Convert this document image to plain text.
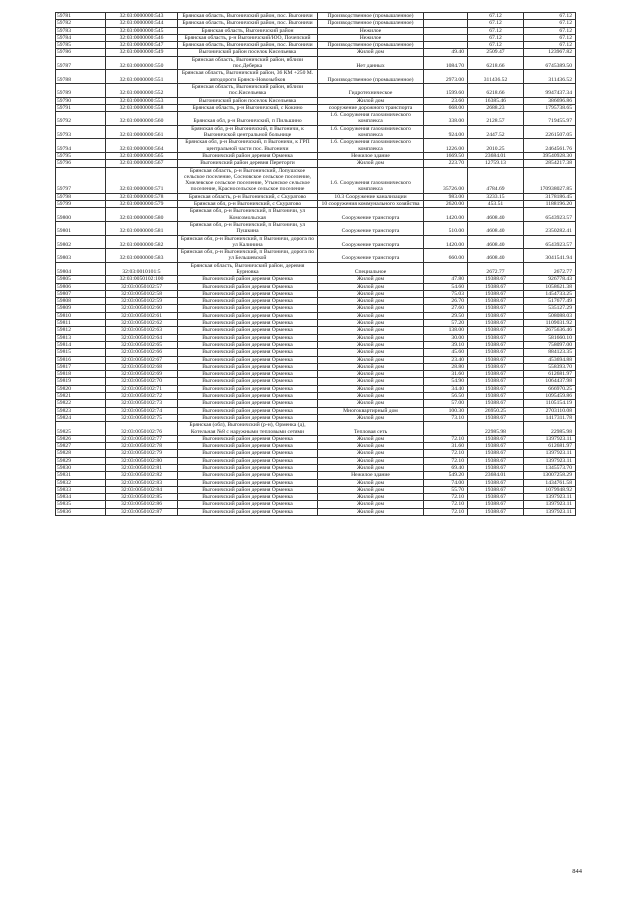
59781	32:03:0000000:543	Брянская область, Выгоничский район, пос. Выгоничи	Производственное (промышленное)		67.12	67.12
59782	32:03:0000000:544	Брянская область, Выгоничский район, пос. Выгоничи	Производственное (промышленное)		67.12	67.12
59783	32:03:0000000:545	Брянская область, Выгоничский район	Нежилое		67.12	67.12
59784	32:03:0000000:546	Брянская область, р-н Выгоничский/ЮО, Почепский	Нежилое		67.12	67.12
59785	32:03:0000000:547	Брянская область, Выгоничский район, пос. Выгоничи	Производственное (промышленное)		67.12	67.12
59786	32:03:0000000:549	Выгоничский район поселок Кисельевка	Жилой дом	49.40	2509.47	123967.82
59787	32:03:0000000:550	Брянская область, Выгоничский район, вблизи пос.Деберка	Нет данных	1084.70	6218.66	6745389.50
59788	32:03:0000000:551	Брянская область, Выгоничский район, 36 КМ +250 М. автодороги Брянск-Новозыбков	Производственное (промышленное)	2973.00	311436.52	311436.52
59789	32:03:0000000:552	Брянская область, Выгоничский район, вблизи пос.Кисельевка	Гидротехническое	1599.60	6218.66	9947437.34
59790	32:03:0000000:553	Выгоничский район поселок Кисельевка	Жилой дом	23.60	16385.46	386696.86
59791	32:03:0000000:558	Брянская область, р-н Выгоничский, с Кокино	сооружение дорожного транспорта	668.00	2688.23	1795738.65
59792	32:03:0000000:560	Брянская обл, р-н Выгоничский, п Пильшино	1.6. Сооружения газохимического комплекса	338.00	2128.57	719455.97
59793	32:03:0000000:561	Брянская обл, р-н Выгоничский, п Выгоничи, к Выгоничской центральной больнице	1.6. Сооружения газохимического комплекса	924.00	2447.52	2261507.05
59794	32:03:0000000:564	Брянская обл, р-н Выгоничский, п Выгоничи, к ГРП центральной части пос. Выгоничи	1.6. Сооружения газохимического комплекса	1226.00	2010.25	2464561.76
59795	32:03:0000000:565	Выгоничский район деревня Орменка	Нежилое здание	1669.50	23684.01	39540928.30
59796	32:03:0000000:567	Выгоничский район деревня Переторги	Жилой дом	223.70	12759.13	2854217.38
59797	32:03:0000000:571	Брянская область, р-н Выгоничский, Лопушское сельское поселение, Сосновское сельское поселение, Хмелевское сельское поселение, Утынское сельское поселение, Красносельское сельское поселение	1.6. Сооружения газохимического комплекса	35726.00	4784.69	170938027.85
59798	32:03:0000000:578	Брянская область, р-н Выгоничский, с Скуратово	10.3 Сооружение канализации	983.00	3233.15	3178186.45
59799	32:03:0000000:579	Брянская обл, р-н Выгоничский, с Скуратово	10 сооружения коммунального хозяйства	2620.00	453.51	1188196.20
59800	32:03:0000000:580	Брянская обл, р-н Выгоничский, п Выгоничи, ул Комсомольская	Сооружение транспорта	1420.00	4608.40	6543923.57
59801	32:03:0000000:581	Брянская обл, р-н Выгоничский, п Выгоничи, ул Пушкина	Сооружение транспорта	510.00	4608.40	2350282.41
59802	32:03:0000000:582	Брянская обл, р-н Выгоничский, п Выгоничи, дорога по ул Калинина	Сооружение транспорта	1420.00	4608.40	6543923.57
59803	32:03:0000000:583	Брянская обл, р-н Выгоничский, п Выгоничи, дорога по ул Бельшевской	Сооружение транспорта	660.00	4608.40	3041541.94
59804	32:03:0010101:5	Брянская область, Выгоничский район, деревня Бурновка	Специальное		2672.77	2672.77
59805	32:03:0050102:100	Выгоничский район деревня Орменка	Жилой дом	47.80	19388.67	926778.43
59806	32:03:0050102:57	Выгоничский район деревня Орменка	Жилой дом	54.60	19388.67	1058621.38
59807	32:03:0050102:58	Выгоничский район деревня Орменка	Жилой дом	75.03	19388.67	1454733.25
59808	32:03:0050102:59	Выгоничский район деревня Орменка	Жилой дом	26.70	19388.67	517677.49
59809	32:03:0050102:60	Выгоничский район деревня Орменка	Жилой дом	27.60	19388.67	535127.29
59810	32:03:0050102:61	Выгоничский район деревня Орменка	Жилой дом	29.50	19388.67	508088.03
59811	32:03:0050102:62	Выгоничский район деревня Орменка	Жилой дом	57.20	19388.67	1109031.92
59812	32:03:0050102:63	Выгоничский район деревня Орменка	Жилой дом	138.00	19388.67	2675636.46
59813	32:03:0050102:64	Выгоничский район деревня Орменка	Жилой дом	30.00	19388.67	581660.10
59814	32:03:0050102:65	Выгоничский район деревня Орменка	Жилой дом	39.10	19388.67	758097.00
59815	32:03:0050102:66	Выгоничский район деревня Орменка	Жилой дом	45.60	19388.67	884123.35
59816	32:03:0050102:67	Выгоничский район деревня Орменка	Жилой дом	23.40	19388.67	453694.88
59817	32:03:0050102:68	Выгоничский район деревня Орменка	Жилой дом	28.80	19388.67	558393.70
59818	32:03:0050102:69	Выгоничский район деревня Орменка	Жилой дом	31.60	19388.67	612681.97
59819	32:03:0050102:70	Выгоничский район деревня Орменка	Жилой дом	54.90	19388.67	1064437.98
59820	32:03:0050102:71	Выгоничский район деревня Орменка	Жилой дом	34.40	19388.67	666970.25
59821	32:03:0050102:72	Выгоничский район деревня Орменка	Жилой дом	56.50	19388.67	1095459.86
59822	32:03:0050102:73	Выгоничский район деревня Орменка	Жилой дом	57.00	19388.67	1105154.19
59823	32:03:0050102:74	Выгоничский район деревня Орменка	Многоквартирный дом	100.30	26950.25	2703110.08
59824	32:03:0050102:75	Выгоничский район деревня Орменка	Жилой дом	73.10	19388.67	1417311.78
59825	32:03:0050102:76	Брянская (обл), Выгоничский (р-н), Орменка (д), Котельная №8 с наружными тепловыми сетями	Тепловая сеть		22985.98	22985.98
59826	32:03:0050102:77	Выгоничский район деревня Орменка	Жилой дом	72.10	19388.67	1397923.11
59827	32:03:0050102:78	Выгоничский район деревня Орменка	Жилой дом	31.60	19388.67	612681.97
59828	32:03:0050102:79	Выгоничский район деревня Орменка	Жилой дом	72.10	19388.67	1397923.11
59829	32:03:0050102:80	Выгоничский район деревня Орменка	Жилой дом	72.10	19388.67	1397923.11
59830	32:03:0050102:81	Выгоничский район деревня Орменка	Жилой дом	69.40	19388.67	1345573.70
59831	32:03:0050102:82	Выгоничский район деревня Орменка	Нежилое здание	549.20	23684.01	13007258.29
59832	32:03:0050102:83	Выгоничский район деревня Орменка	Жилой дом	74.00	19388.67	1434761.58
59833	32:03:0050102:84	Выгоничский район деревня Орменка	Жилой дом	55.70	19388.67	1079948.92
59834	32:03:0050102:85	Выгоничский район деревня Орменка	Жилой дом	72.10	19388.67	1397923.11
59835	32:03:0050102:86	Выгоничский район деревня Орменка	Жилой дом	72.10	19388.67	1397923.11
59836	32:03:0050102:87	Выгоничский район деревня Орменка	Жилой дом	72.10	19388.67	1397923.11
844
